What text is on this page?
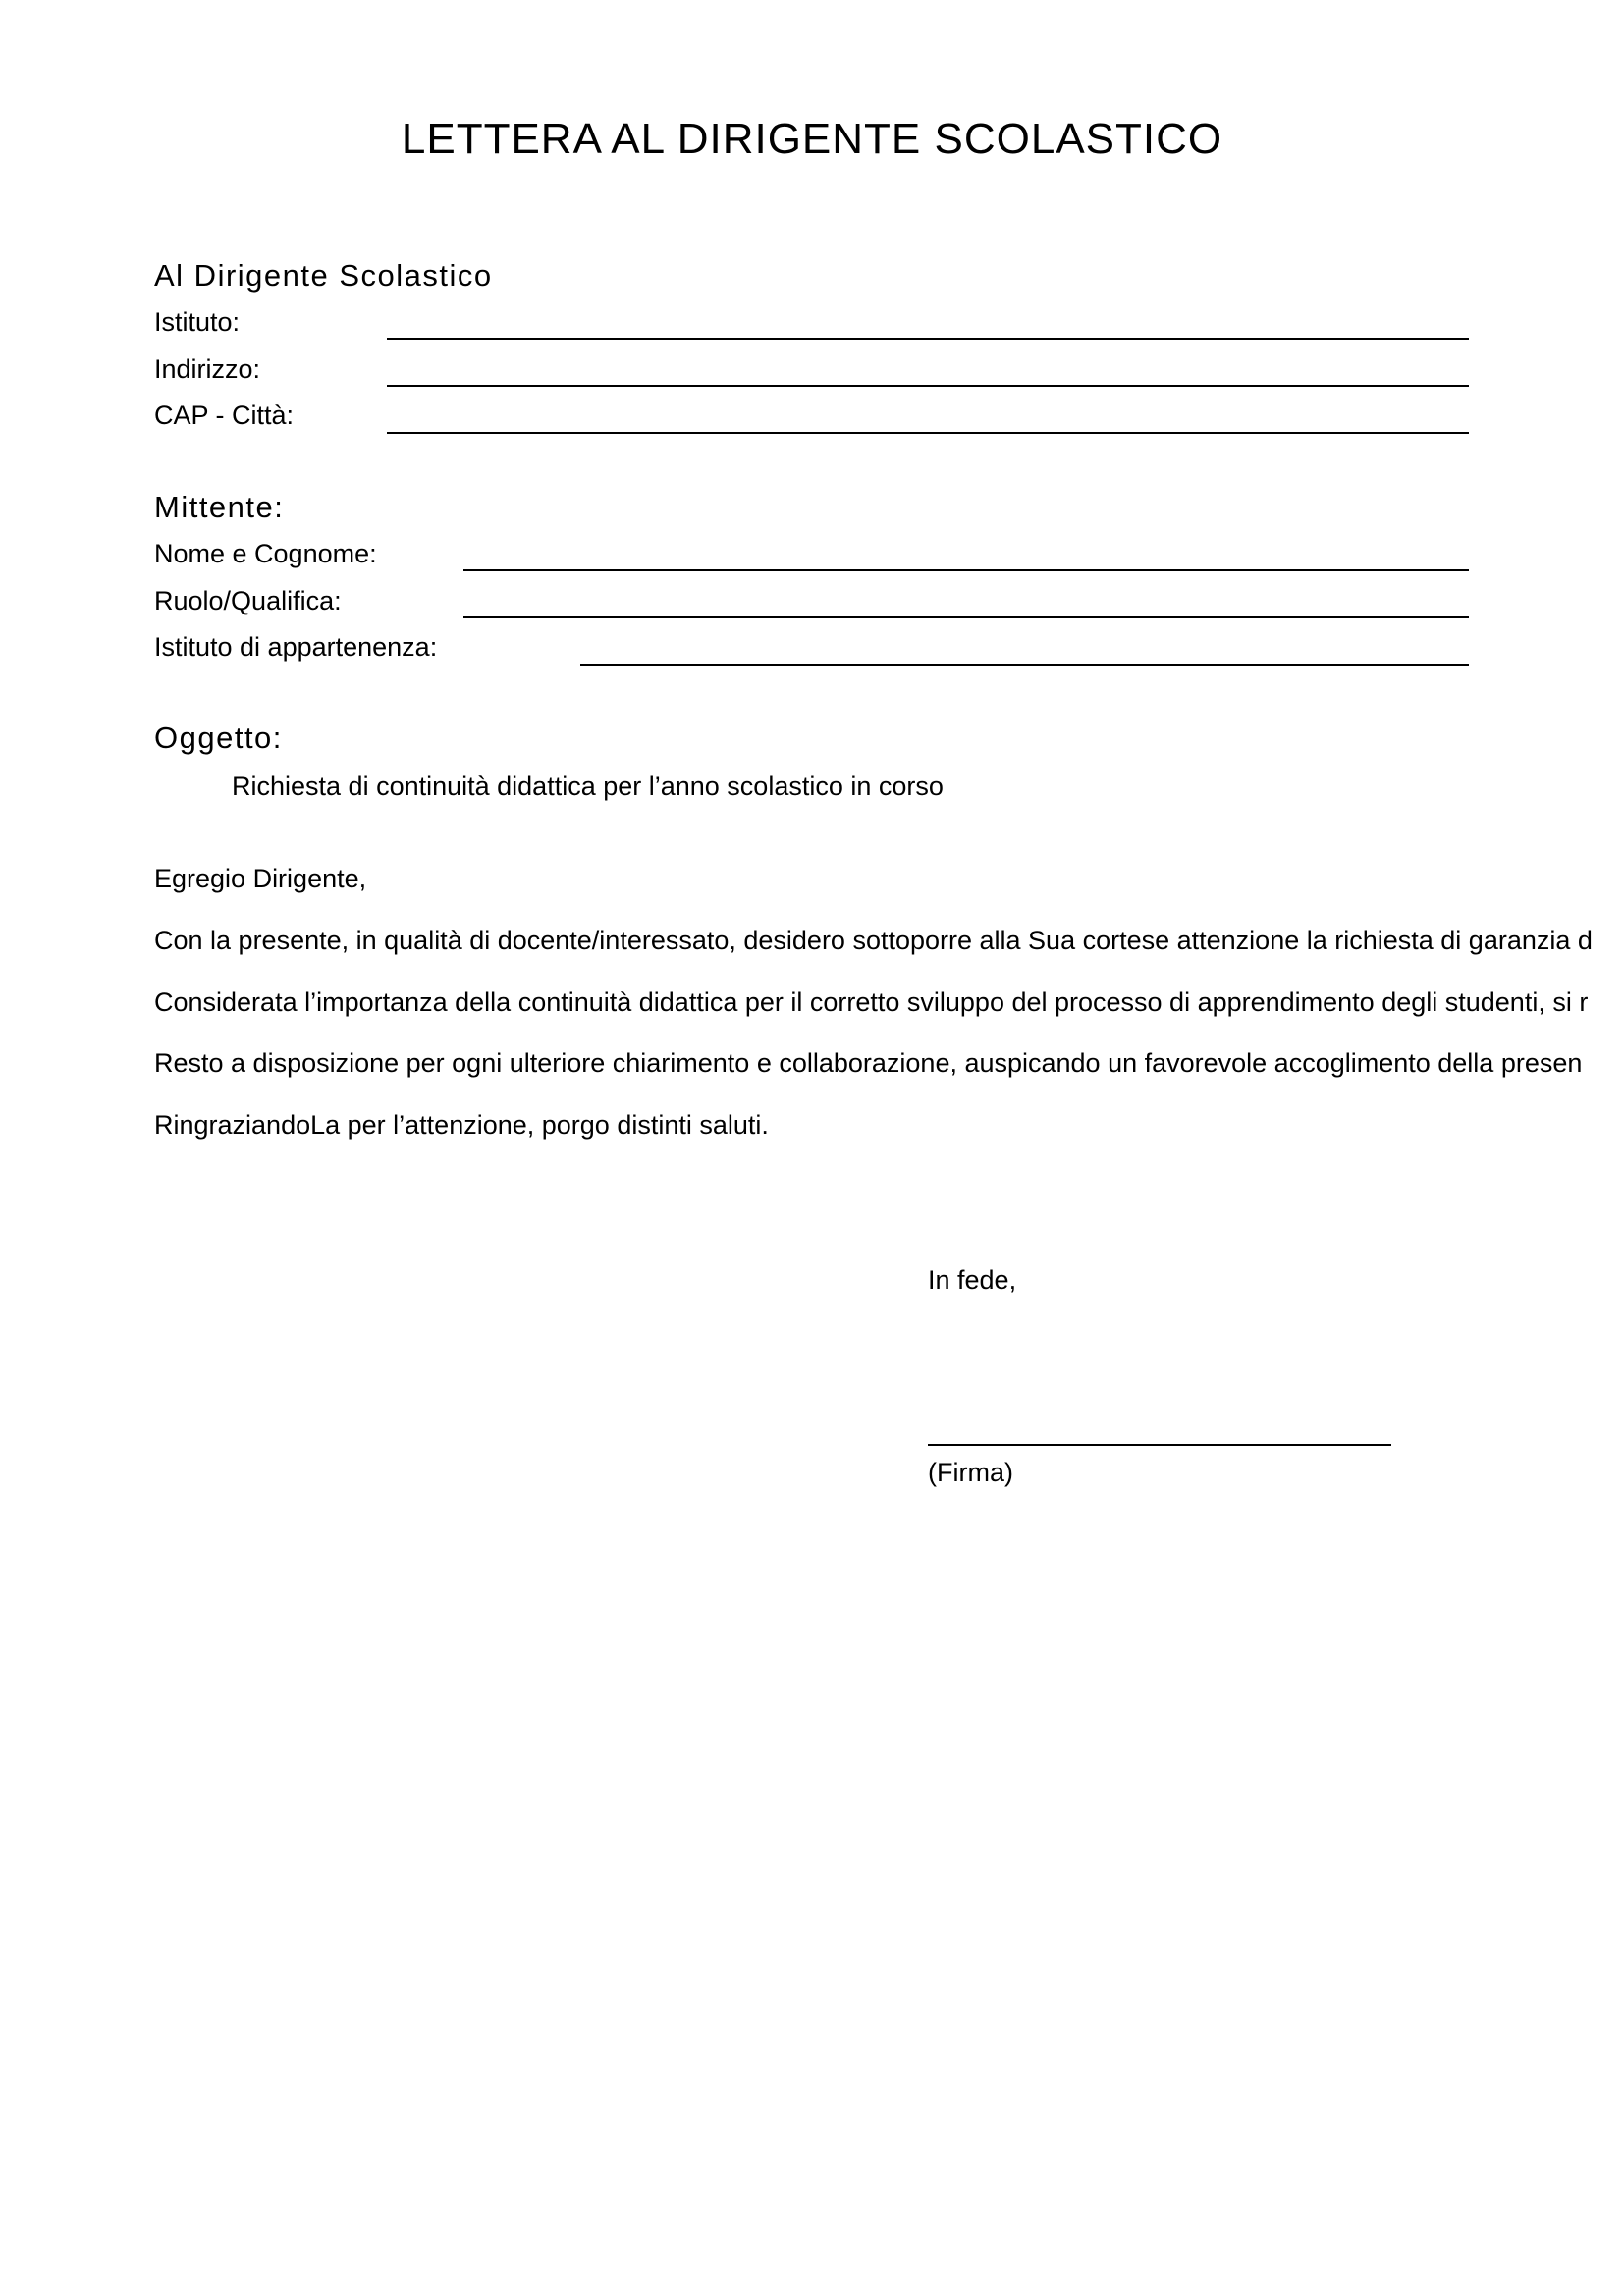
LETTERA AL DIRIGENTE SCOLASTICO
Al Dirigente Scolastico
Istituto:
Indirizzo:
CAP - Città:
Mittente:
Nome e Cognome:
Ruolo/Qualifica:
Istituto di appartenenza:
Oggetto:
Richiesta di continuità didattica per l’anno scolastico in corso
Egregio Dirigente,
Con la presente, in qualità di docente/interessato, desidero sottoporre alla Sua cortese attenzione la richiesta di garanzia d
Considerata l’importanza della continuità didattica per il corretto sviluppo del processo di apprendimento degli studenti, si r
Resto a disposizione per ogni ulteriore chiarimento e collaborazione, auspicando un favorevole accoglimento della presen
RingraziandoLa per l’attenzione, porgo distinti saluti.
In fede,
(Firma)
